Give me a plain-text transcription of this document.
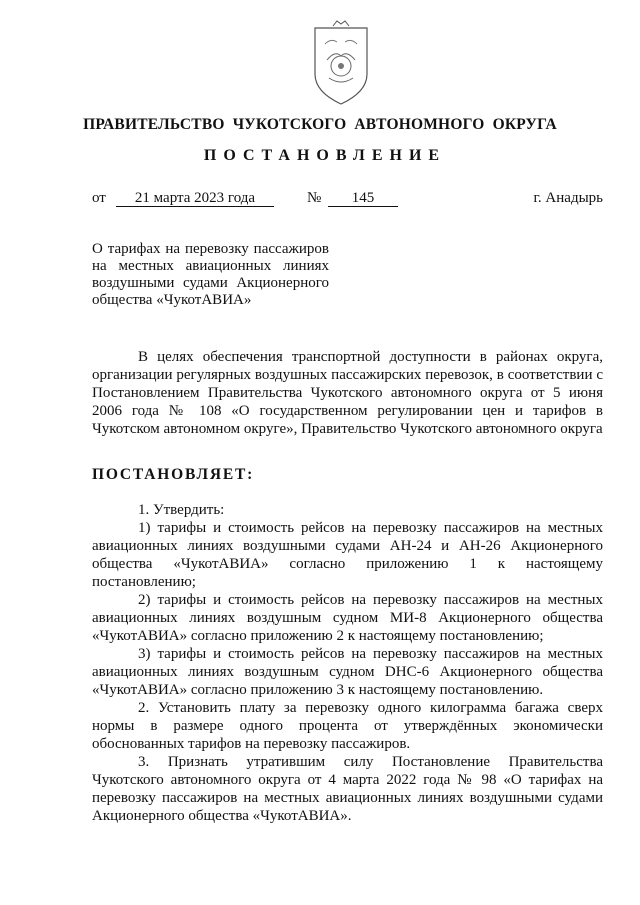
ПРАВИТЕЛЬСТВО ЧУКОТСКОГО АВТОНОМНОГО ОКРУГА
ПОСТАНОВЛЕНИЕ
от	21 марта 2023 года	№	145	г. Анадырь
О тарифах на перевозку пассажиров на местных авиационных линиях воздушными судами Акционерного общества «ЧукотАВИА»
В целях обеспечения транспортной доступности в районах округа, организации регулярных воздушных пассажирских перевозок, в соответствии с Постановлением Правительства Чукотского автономного округа от 5 июня 2006 года № 108 «О государственном регулировании цен и тарифов в Чукотском автономном округе», Правительство Чукотского автономного округа
ПОСТАНОВЛЯЕТ:

1. Утвердить:

1) тарифы и стоимость рейсов на перевозку пассажиров на местных авиационных линиях воздушными судами АН-24 и АН-26 Акционерного общества «ЧукотАВИА» согласно приложению 1 к настоящему постановлению;

2) тарифы и стоимость рейсов на перевозку пассажиров на местных авиационных линиях воздушным судном МИ-8 Акционерного общества «ЧукотАВИА» согласно приложению 2 к настоящему постановлению;

3) тарифы и стоимость рейсов на перевозку пассажиров на местных авиационных линиях воздушным судном DHC-6 Акционерного общества «ЧукотАВИА» согласно приложению 3 к настоящему постановлению.

2. Установить плату за перевозку одного килограмма багажа сверх нормы в размере одного процента от утверждённых экономически обоснованных тарифов на перевозку пассажиров.

3. Признать утратившим силу Постановление Правительства Чукотского автономного округа от 4 марта 2022 года № 98 «О тарифах на перевозку пассажиров на местных авиационных линиях воздушными судами Акционерного общества «ЧукотАВИА».
